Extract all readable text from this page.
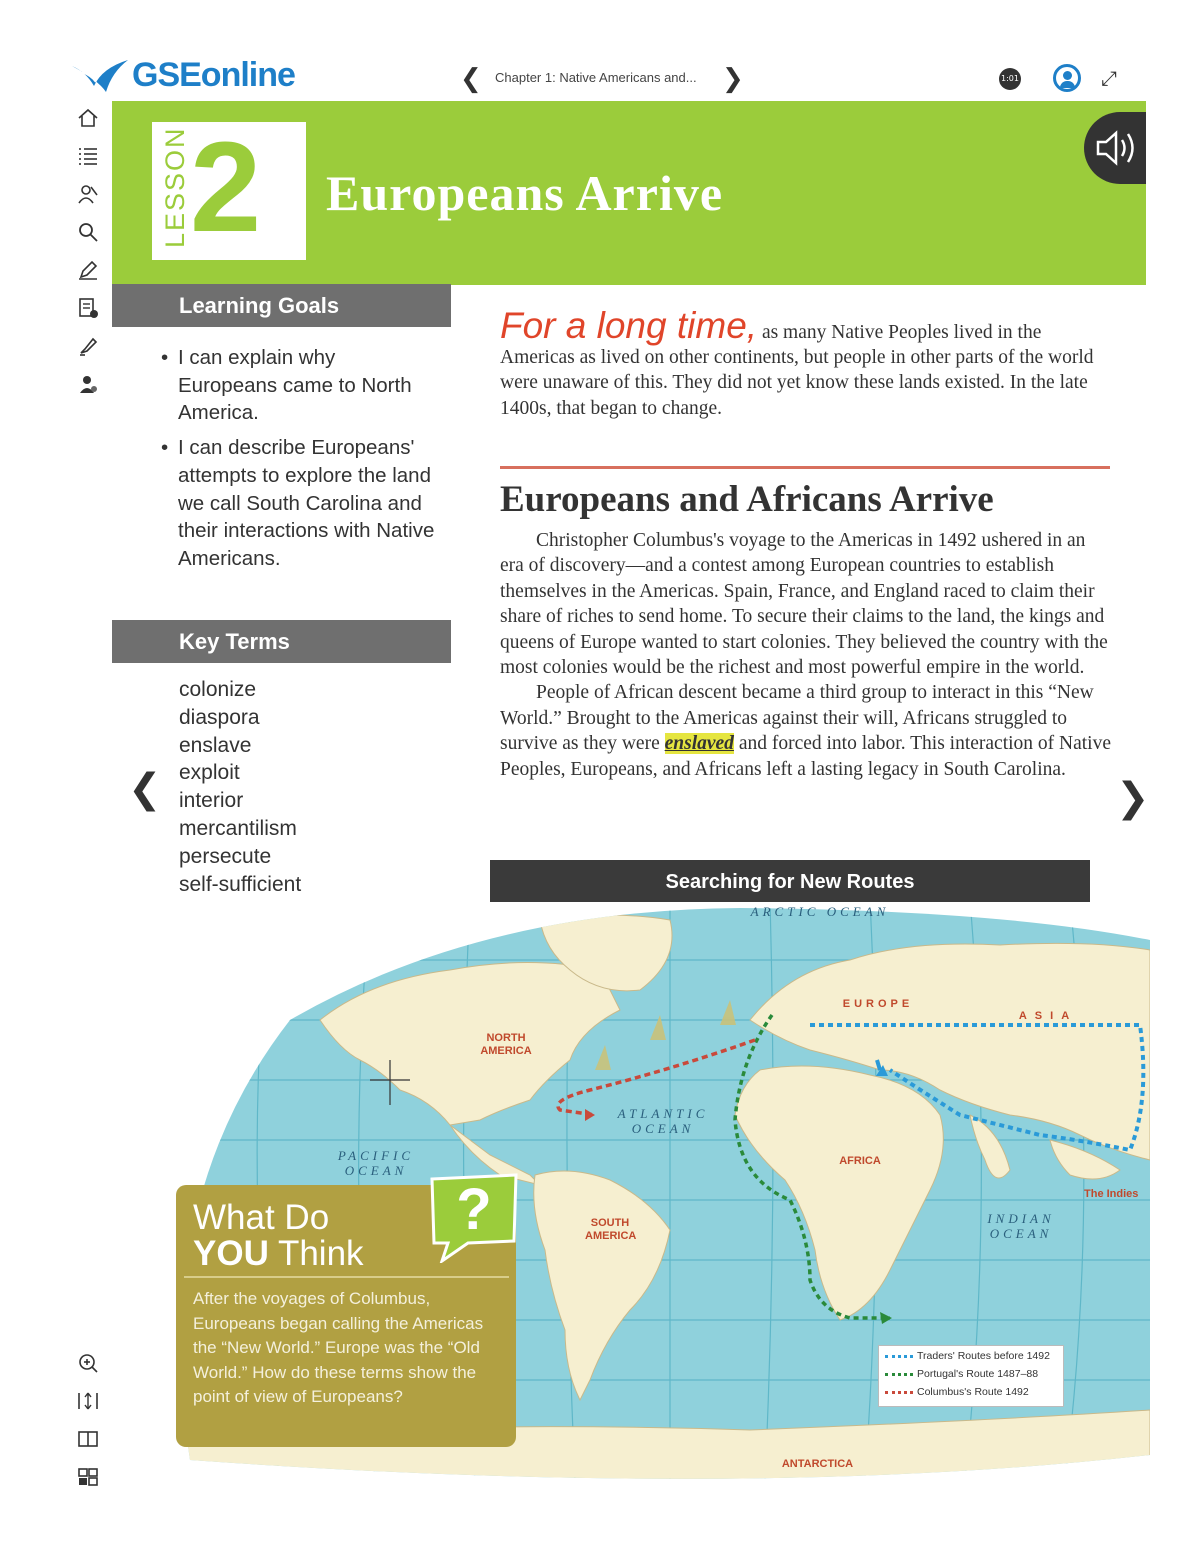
GSEonline	❮ Chapter 1: Native Americans and... ❯	1:01	⤢
LESSON 2	Europeans Arrive
Learning Goals
• I can explain why Europeans came to North America.
• I can describe Europeans' attempts to explore the land we call South Carolina and their interactions with Native Americans.
Key Terms
colonize
diaspora
enslave
exploit
interior
mercantilism
persecute
self-sufficient
❮	❯
For a long time, as many Native Peoples lived in the Americas as lived on other continents, but people in other parts of the world were unaware of this. They did not yet know these lands existed. In the late 1400s, that began to change.
Europeans and Africans Arrive

Christopher Columbus's voyage to the Americas in 1492 ushered in an era of discovery—and a contest among European countries to establish themselves in the Americas. Spain, France, and England raced to claim their share of riches to send home. To secure their claims to the land, the kings and queens of Europe wanted to start colonies. They believed the country with the most colonies would be the richest and most powerful empire in the world.

People of African descent became a third group to interact in this “New World.” Brought to the Americas against their will, Africans struggled to survive as they were enslaved and forced into labor. This interaction of Native Peoples, Europeans, and Africans left a lasting legacy in South Carolina.

Searching for New Routes
NORTH AMERICA
SOUTH AMERICA
EUROPE
ASIA
AFRICA
ANTARCTICA
The Indies
ARCTIC OCEAN
ATLANTIC OCEAN
PACIFIC OCEAN
INDIAN OCEAN
Traders' Routes before 1492
Portugal's Route 1487–88
Columbus's Route 1492
What Do
YOU Think
After the voyages of Columbus, Europeans began calling the Americas the “New World.” Europe was the “Old World.” How do these terms show the point of view of Europeans?
?
